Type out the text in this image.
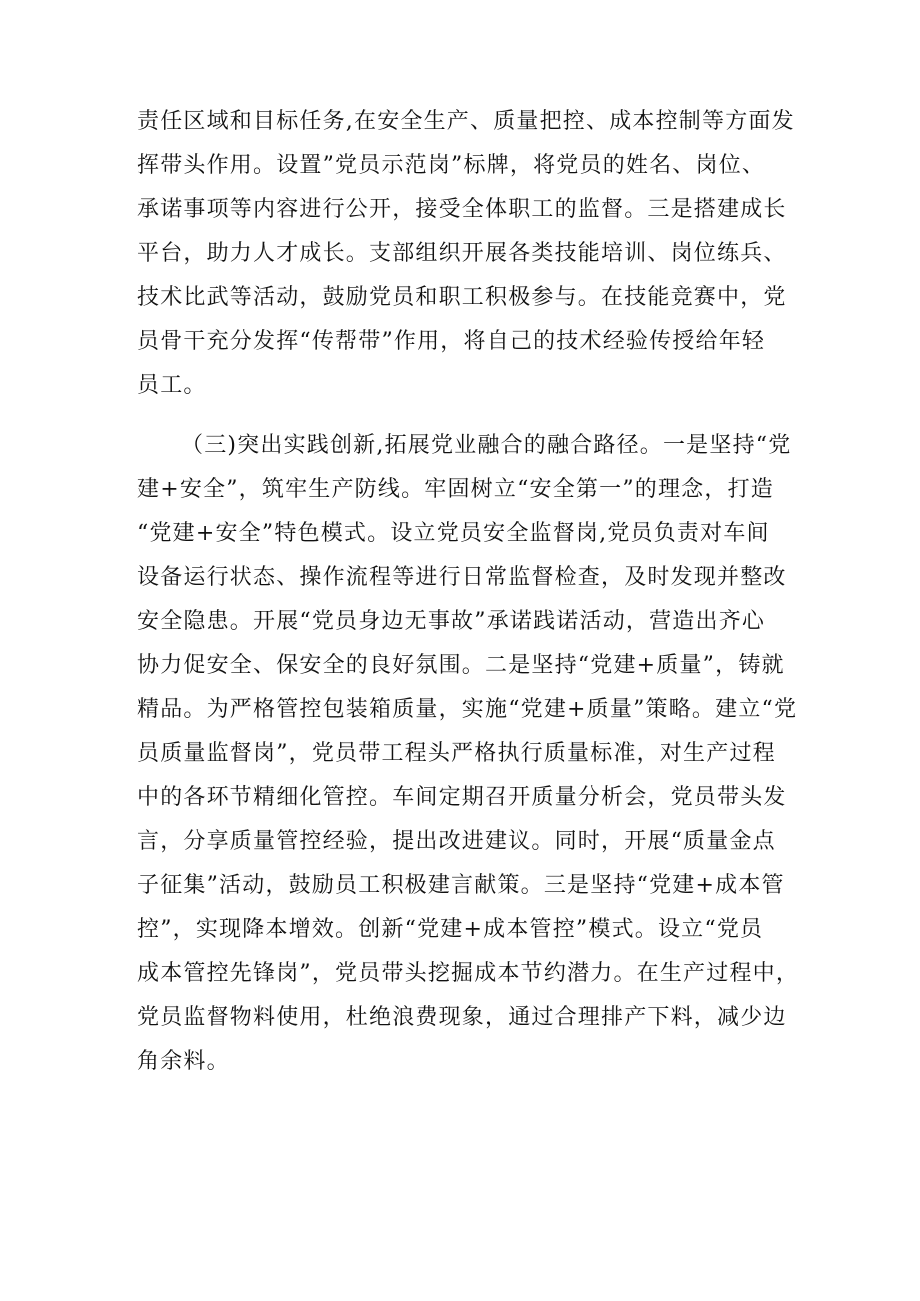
责任区域和目标任务,在安全生产、质量把控、成本控制等方面发
挥带头作用。设置”党员示范岗”标牌，将党员的姓名、岗位、
承诺事项等内容进行公开，接受全体职工的监督。三是搭建成长
平台，助力人才成长。支部组织开展各类技能培训、岗位练兵、
技术比武等活动，鼓励党员和职工积极参与。在技能竞赛中，党
员骨干充分发挥“传帮带”作用，将自己的技术经验传授给年轻
员工。
（三)突出实践创新,拓展党业融合的融合路径。一是坚持“党
建+安全”，筑牢生产防线。牢固树立“安全第一”的理念，打造
“党建+安全”特色模式。设立党员安全监督岗,党员负责对车间
设备运行状态、操作流程等进行日常监督检查，及时发现并整改
安全隐患。开展“党员身边无事故”承诺践诺活动，营造出齐心
协力促安全、保安全的良好氛围。二是坚持“党建+质量”，铸就
精品。为严格管控包装箱质量，实施“党建+质量”策略。建立“党
员质量监督岗”，党员带工程头严格执行质量标准，对生产过程
中的各环节精细化管控。车间定期召开质量分析会，党员带头发
言，分享质量管控经验，提出改进建议。同时，开展“质量金点
子征集”活动，鼓励员工积极建言献策。三是坚持“党建+成本管
控”，实现降本增效。创新“党建+成本管控”模式。设立“党员
成本管控先锋岗”，党员带头挖掘成本节约潜力。在生产过程中，
党员监督物料使用，杜绝浪费现象，通过合理排产下料，减少边
角余料。
